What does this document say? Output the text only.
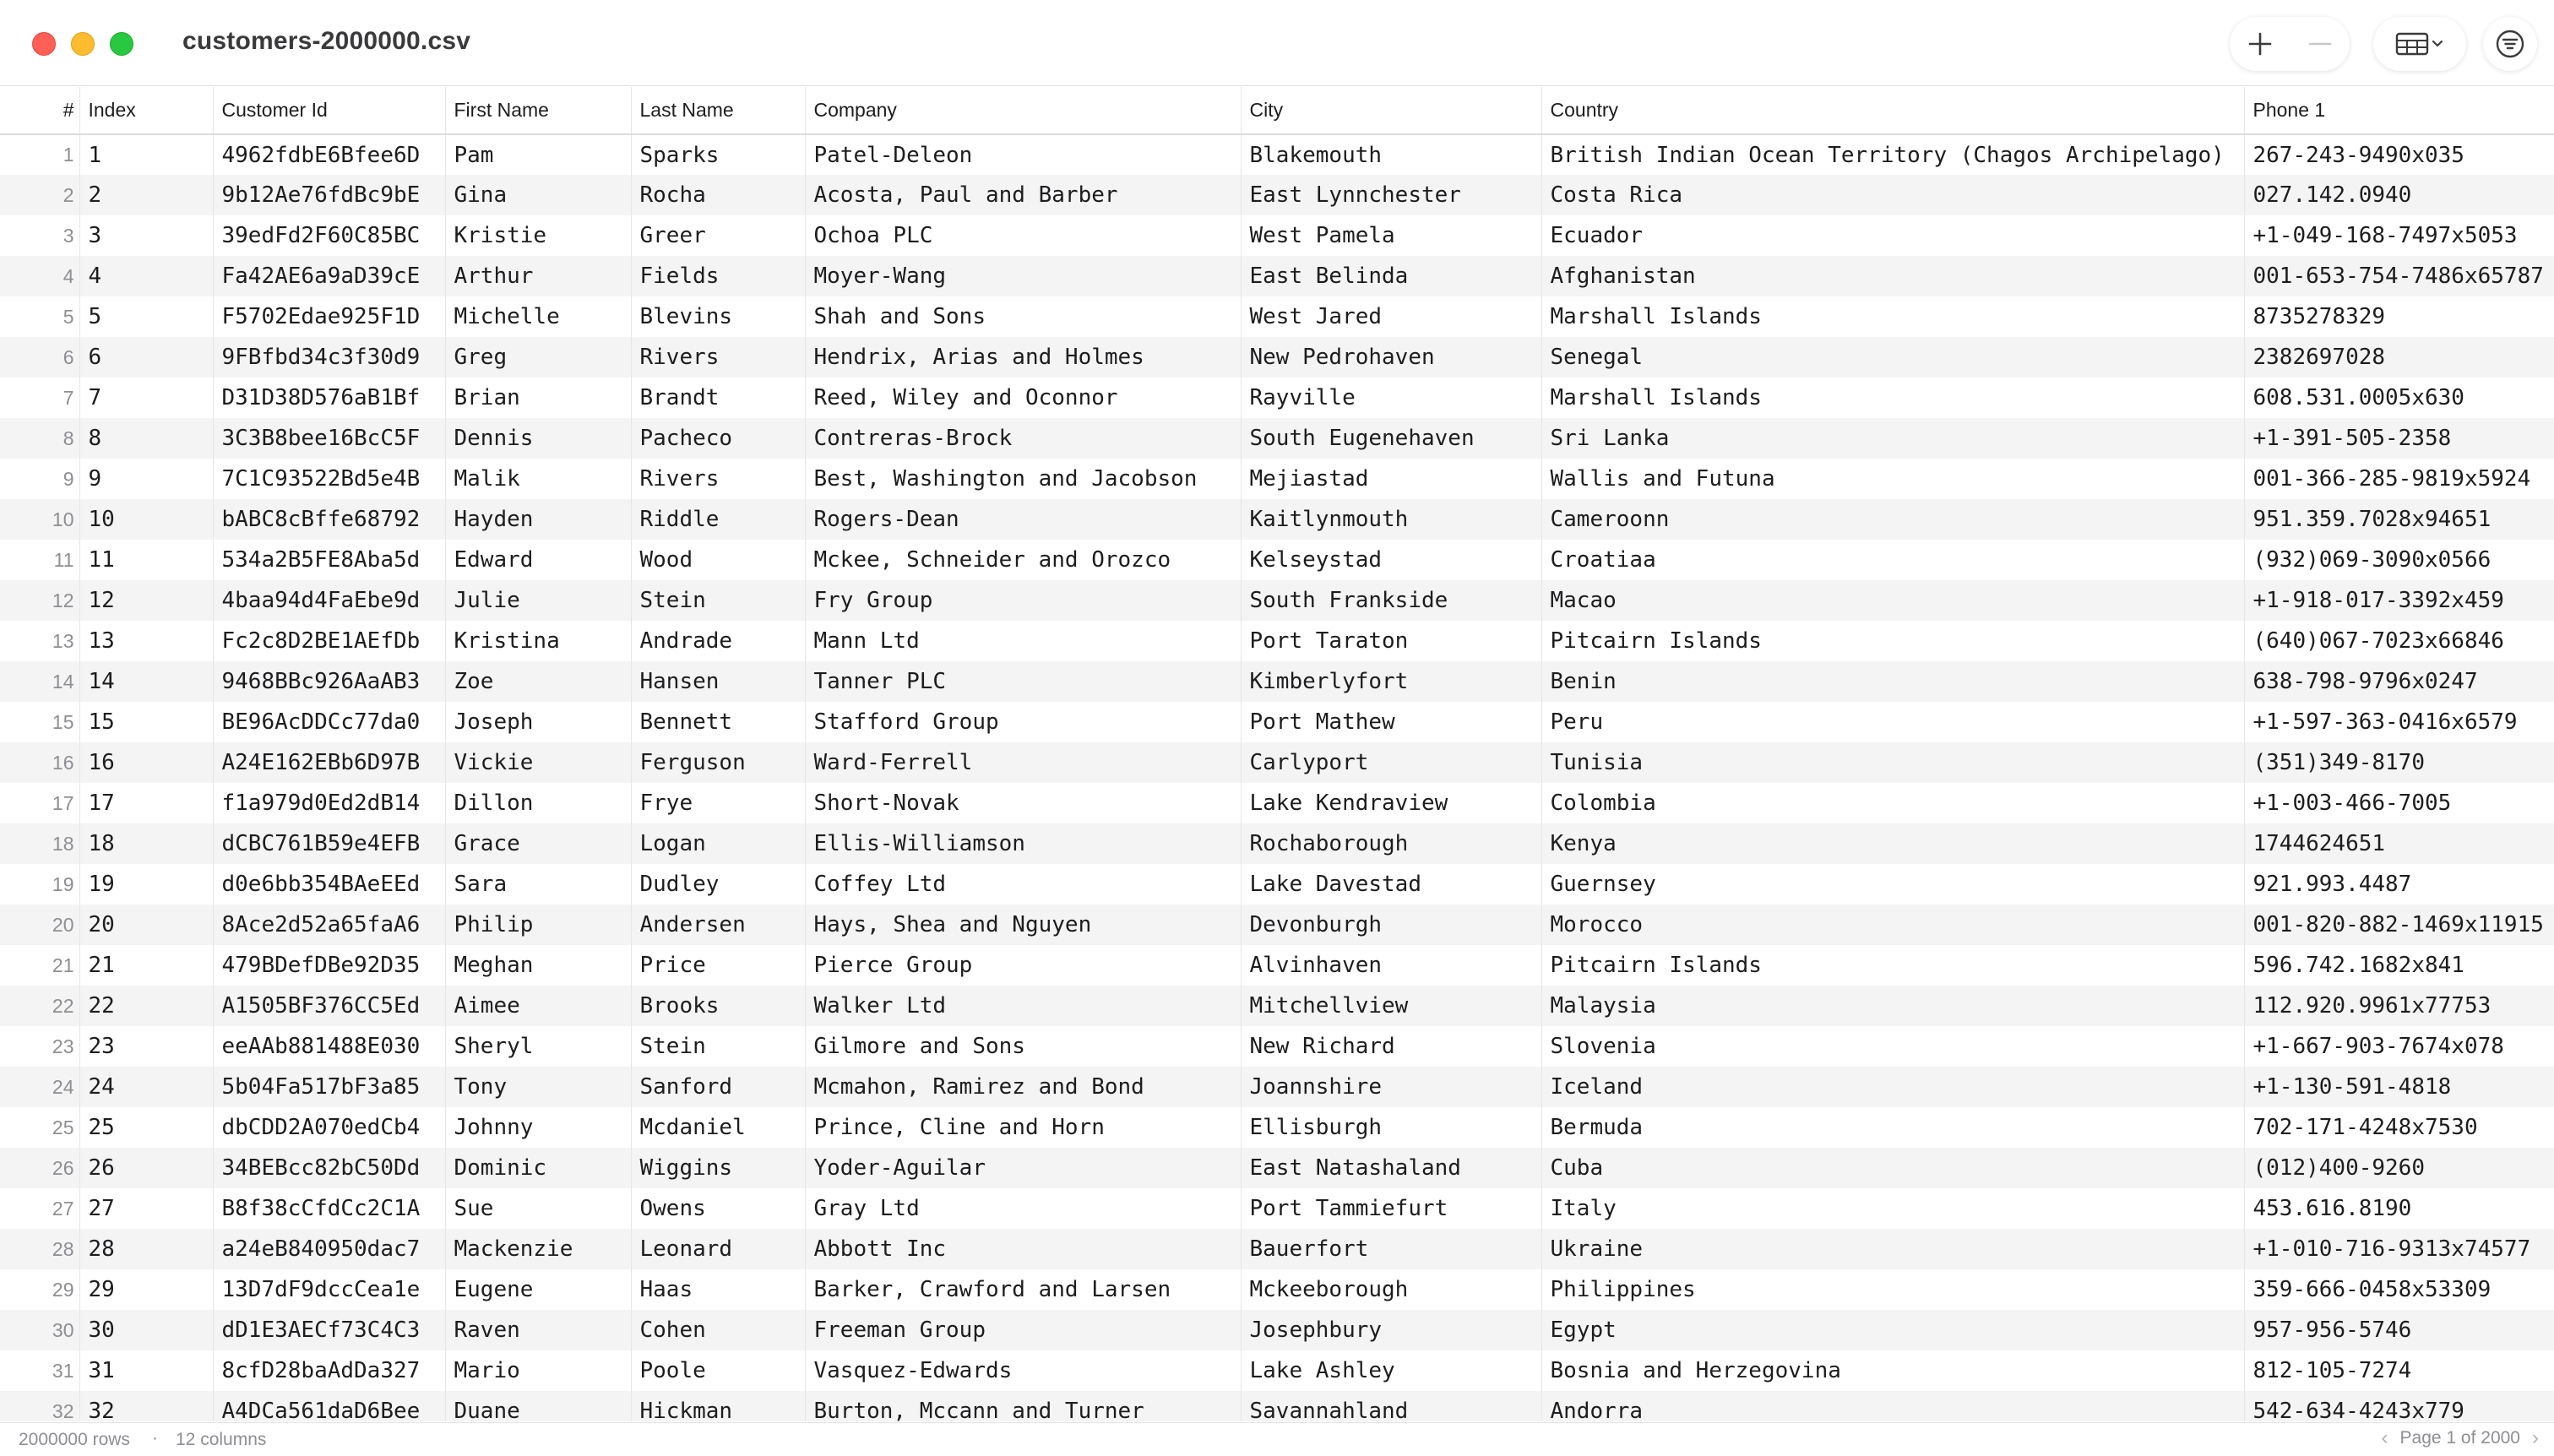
customers-2000000.csv
#	Index	Customer Id	First Name	Last Name	Company	City	Country	Phone 1
1	1	4962fdbE6Bfee6D	Pam	Sparks	Patel-Deleon	Blakemouth	British Indian Ocean Territory (Chagos Archipelago)	267-243-9490x035
2	2	9b12Ae76fdBc9bE	Gina	Rocha	Acosta, Paul and Barber	East Lynnchester	Costa Rica	027.142.0940
3	3	39edFd2F60C85BC	Kristie	Greer	Ochoa PLC	West Pamela	Ecuador	+1-049-168-7497x5053
4	4	Fa42AE6a9aD39cE	Arthur	Fields	Moyer-Wang	East Belinda	Afghanistan	001-653-754-7486x65787
5	5	F5702Edae925F1D	Michelle	Blevins	Shah and Sons	West Jared	Marshall Islands	8735278329
6	6	9FBfbd34c3f30d9	Greg	Rivers	Hendrix, Arias and Holmes	New Pedrohaven	Senegal	2382697028
7	7	D31D38D576aB1Bf	Brian	Brandt	Reed, Wiley and Oconnor	Rayville	Marshall Islands	608.531.0005x630
8	8	3C3B8bee16BcC5F	Dennis	Pacheco	Contreras-Brock	South Eugenehaven	Sri Lanka	+1-391-505-2358
9	9	7C1C93522Bd5e4B	Malik	Rivers	Best, Washington and Jacobson	Mejiastad	Wallis and Futuna	001-366-285-9819x5924
10	10	bABC8cBffe68792	Hayden	Riddle	Rogers-Dean	Kaitlynmouth	Cameroonn	951.359.7028x94651
11	11	534a2B5FE8Aba5d	Edward	Wood	Mckee, Schneider and Orozco	Kelseystad	Croatiaa	(932)069-3090x0566
12	12	4baa94d4FaEbe9d	Julie	Stein	Fry Group	South Frankside	Macao	+1-918-017-3392x459
13	13	Fc2c8D2BE1AEfDb	Kristina	Andrade	Mann Ltd	Port Taraton	Pitcairn Islands	(640)067-7023x66846
14	14	9468BBc926AaAB3	Zoe	Hansen	Tanner PLC	Kimberlyfort	Benin	638-798-9796x0247
15	15	BE96AcDDCc77da0	Joseph	Bennett	Stafford Group	Port Mathew	Peru	+1-597-363-0416x6579
16	16	A24E162EBb6D97B	Vickie	Ferguson	Ward-Ferrell	Carlyport	Tunisia	(351)349-8170
17	17	f1a979d0Ed2dB14	Dillon	Frye	Short-Novak	Lake Kendraview	Colombia	+1-003-466-7005
18	18	dCBC761B59e4EFB	Grace	Logan	Ellis-Williamson	Rochaborough	Kenya	1744624651
19	19	d0e6bb354BAeEEd	Sara	Dudley	Coffey Ltd	Lake Davestad	Guernsey	921.993.4487
20	20	8Ace2d52a65faA6	Philip	Andersen	Hays, Shea and Nguyen	Devonburgh	Morocco	001-820-882-1469x11915
21	21	479BDefDBe92D35	Meghan	Price	Pierce Group	Alvinhaven	Pitcairn Islands	596.742.1682x841
22	22	A1505BF376CC5Ed	Aimee	Brooks	Walker Ltd	Mitchellview	Malaysia	112.920.9961x77753
23	23	eeAAb881488E030	Sheryl	Stein	Gilmore and Sons	New Richard	Slovenia	+1-667-903-7674x078
24	24	5b04Fa517bF3a85	Tony	Sanford	Mcmahon, Ramirez and Bond	Joannshire	Iceland	+1-130-591-4818
25	25	dbCDD2A070edCb4	Johnny	Mcdaniel	Prince, Cline and Horn	Ellisburgh	Bermuda	702-171-4248x7530
26	26	34BEBcc82bC50Dd	Dominic	Wiggins	Yoder-Aguilar	East Natashaland	Cuba	(012)400-9260
27	27	B8f38cCfdCc2C1A	Sue	Owens	Gray Ltd	Port Tammiefurt	Italy	453.616.8190
28	28	a24eB840950dac7	Mackenzie	Leonard	Abbott Inc	Bauerfort	Ukraine	+1-010-716-9313x74577
29	29	13D7dF9dccCea1e	Eugene	Haas	Barker, Crawford and Larsen	Mckeeborough	Philippines	359-666-0458x53309
30	30	dD1E3AECf73C4C3	Raven	Cohen	Freeman Group	Josephbury	Egypt	957-956-5746
31	31	8cfD28baAdDa327	Mario	Poole	Vasquez-Edwards	Lake Ashley	Bosnia and Herzegovina	812-105-7274
32	32	A4DCa561daD6Bee	Duane	Hickman	Burton, Mccann and Turner	Savannahland	Andorra	542-634-4243x779
2000000 rows · 12 columns	‹ Page 1 of 2000 ›
